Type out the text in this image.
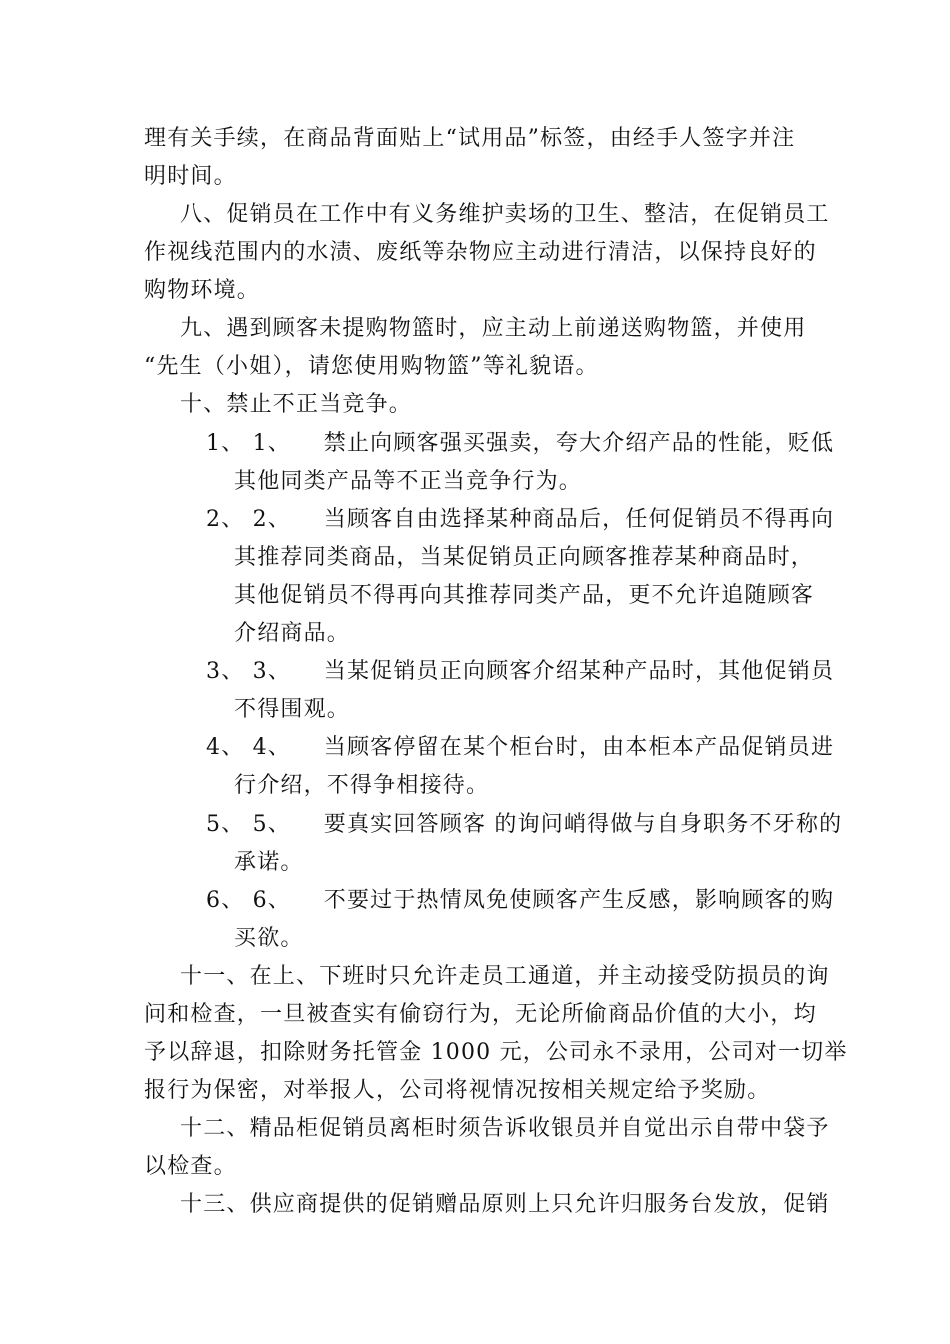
理有关手续，在商品背面贴上“试用品”标签，由经手人签字并注
明时间。
八、促销员在工作中有义务维护卖场的卫生、整洁，在促销员工
作视线范围内的水渍、废纸等杂物应主动进行清洁，以保持良好的
购物环境。
九、遇到顾客未提购物篮时，应主动上前递送购物篮，并使用
“先生（小姐），请您使用购物篮”等礼貌语。
十、禁止不正当竞争。
1、 1、    禁止向顾客强买强卖，夸大介绍产品的性能，贬低
其他同类产品等不正当竞争行为。
2、 2、    当顾客自由选择某种商品后，任何促销员不得再向
其推荐同类商品，当某促销员正向顾客推荐某种商品时，
其他促销员不得再向其推荐同类产品，更不允许追随顾客
介绍商品。
3、 3、    当某促销员正向顾客介绍某种产品时，其他促销员
不得围观。
4、 4、    当顾客停留在某个柜台时，由本柜本产品促销员进
行介绍，不得争相接待。
5、 5、    要真实回答顾客 的询问峭得做与自身职务不牙称的
承诺。
6、 6、    不要过于热情凤免使顾客产生反感，影响顾客的购
买欲。
十一、在上、下班时只允许走员工通道，并主动接受防损员的询
问和检查，一旦被查实有偷窃行为，无论所偷商品价值的大小，均
予以辞退，扣除财务托管金 1000 元，公司永不录用，公司对一切举
报行为保密，对举报人，公司将视情况按相关规定给予奖励。
十二、精品柜促销员离柜时须告诉收银员并自觉出示自带中袋予
以检查。
十三、供应商提供的促销赠品原则上只允许归服务台发放，促销
